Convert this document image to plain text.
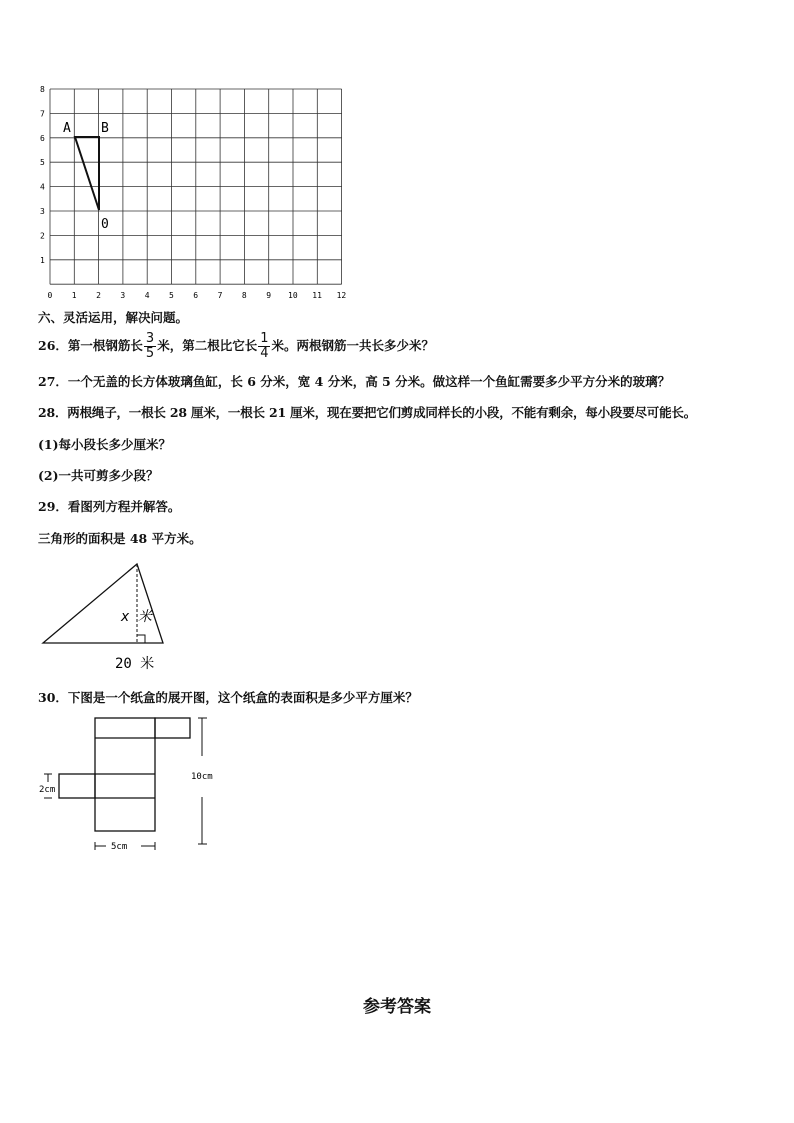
0 1 2 3 4 5 6 7 8 9 10 11 12
1
2
3
4
5
6
7
8
A B
0
六、灵活运用，解决问题。
26．第一根钢筋长 $\frac{3}{5}$ 米，第二根比它长 $\frac{1}{4}$ 米。两根钢筋一共长多少米？
27．一个无盖的长方体玻璃鱼缸，长 6 分米，宽 4 分米，高 5 分米。做这样一个鱼缸需要多少平方分米的玻璃？
28．两根绳子，一根长 28 厘米，一根长 21 厘米，现在要把它们剪成同样长的小段，不能有剩余，每小段要尽可能长。
(1)每小段长多少厘米？
(2)一共可剪多少段？
29．看图列方程并解答。
三角形的面积是 48 平方米。
x 米
20 米
30．下图是一个纸盒的展开图，这个纸盒的表面积是多少平方厘米？
10cm
2cm
5cm
参考答案
